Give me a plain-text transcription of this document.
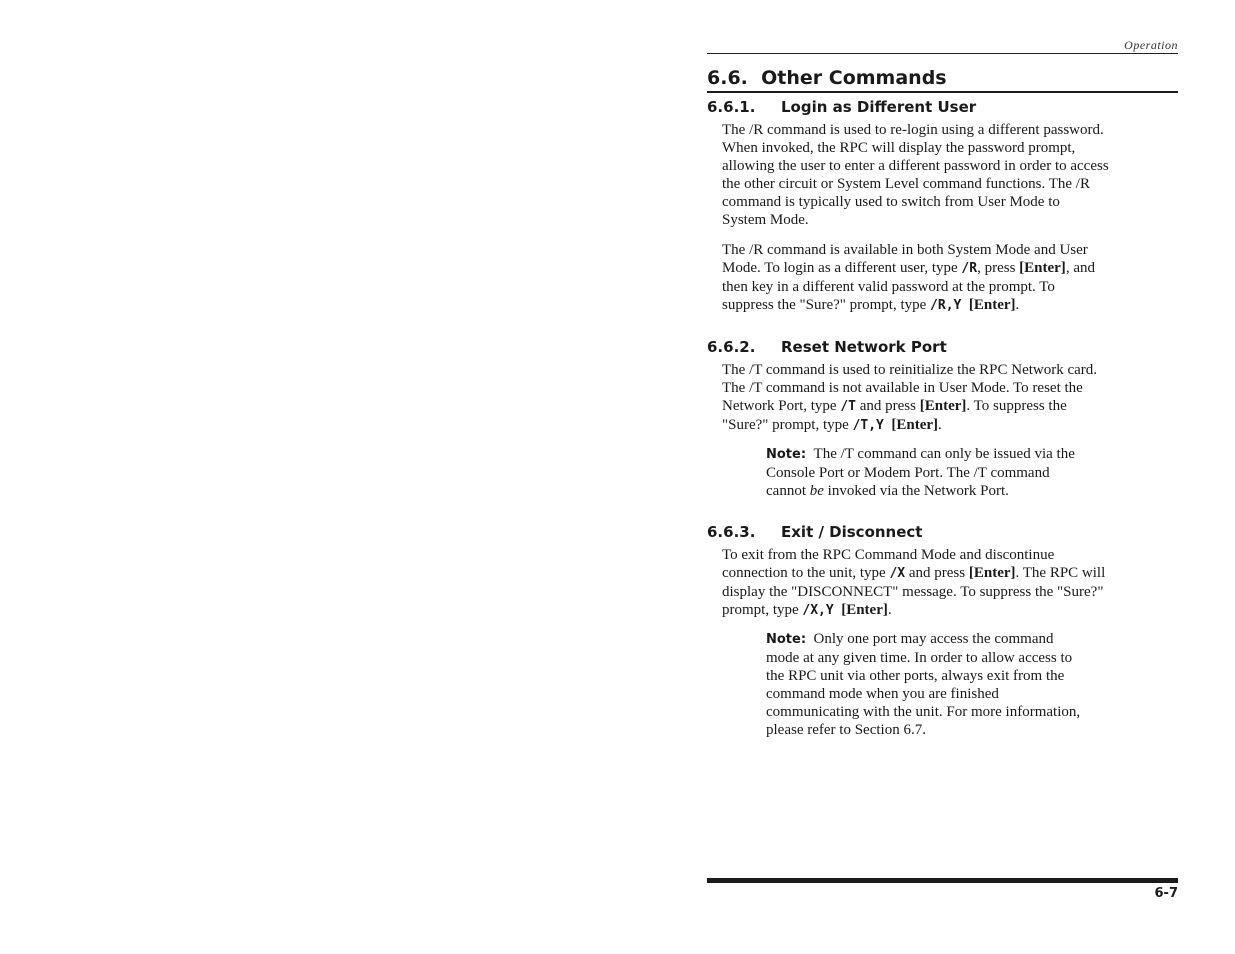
Operation
6.6. Other Commands
6.6.1. Login as Different User

The /R command is used to re-login using a different password.
When invoked, the RPC will display the password prompt,
allowing the user to enter a different password in order to access
the other circuit or System Level command functions. The /R
command is typically used to switch from User Mode to
System Mode.

The /R command is available in both System Mode and User
Mode. To login as a different user, type /R, press [Enter], and
then key in a different valid password at the prompt. To
suppress the "Sure?" prompt, type /R,Y [Enter].

6.6.2. Reset Network Port

The /T command is used to reinitialize the RPC Network card.
The /T command is not available in User Mode. To reset the
Network Port, type /T and press [Enter]. To suppress the
"Sure?" prompt, type /T,Y [Enter].

Note: The /T command can only be issued via the
Console Port or Modem Port. The /T command
cannot be invoked via the Network Port.

6.6.3. Exit / Disconnect

To exit from the RPC Command Mode and discontinue
connection to the unit, type /X and press [Enter]. The RPC will
display the "DISCONNECT" message. To suppress the "Sure?"
prompt, type /X,Y [Enter].

Note: Only one port may access the command
mode at any given time. In order to allow access to
the RPC unit via other ports, always exit from the
command mode when you are finished
communicating with the unit. For more information,
please refer to Section 6.7.

6-7
